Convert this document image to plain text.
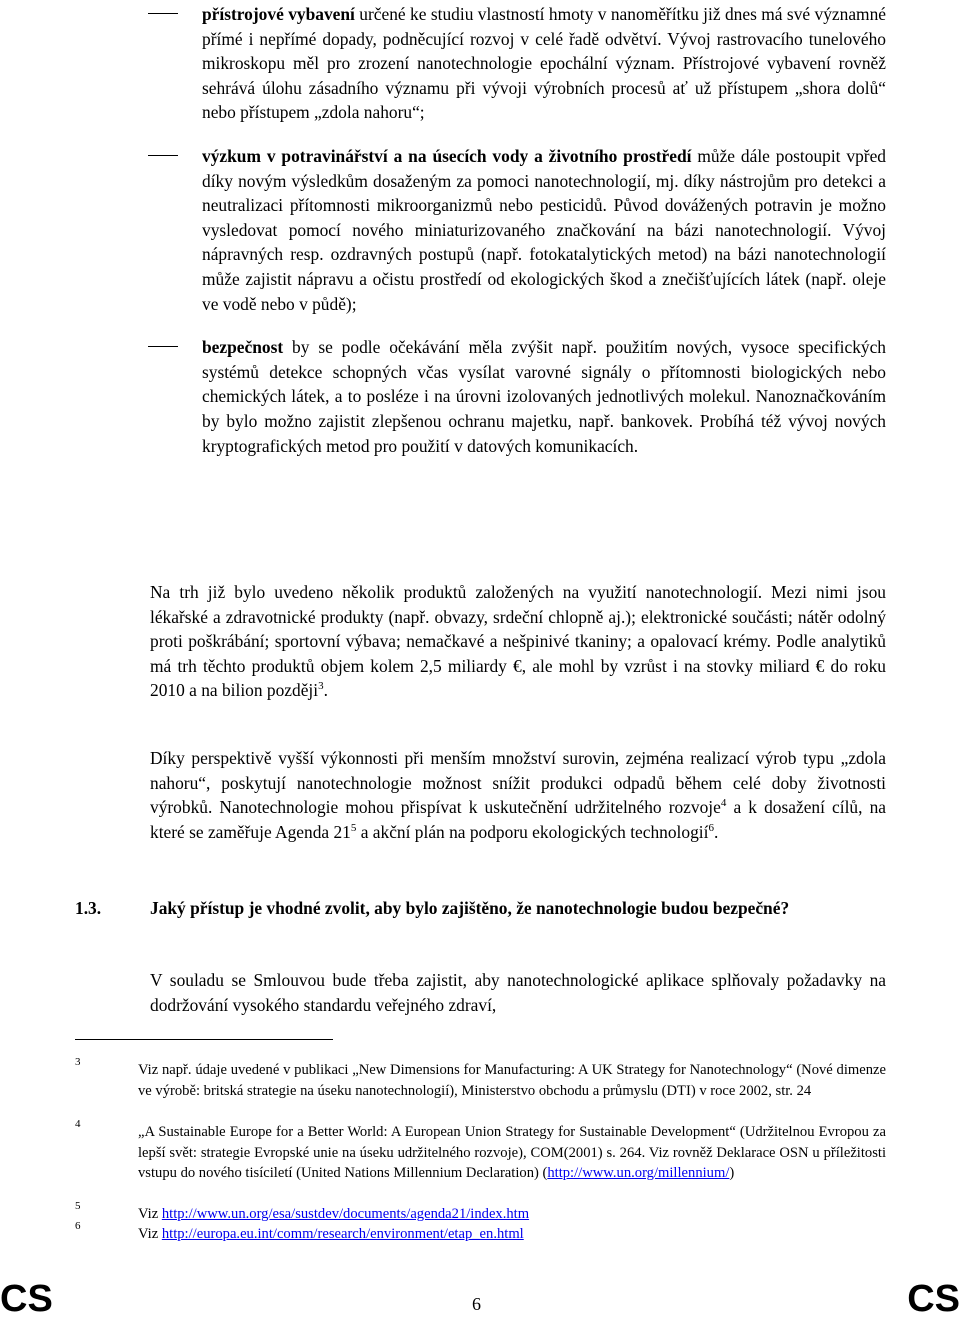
přístrojové vybavení určené ke studiu vlastností hmoty v nanoměřítku již dnes má své významné přímé i nepřímé dopady, podněcující rozvoj v celé řadě odvětví. Vývoj rastrovacího tunelového mikroskopu měl pro zrození nanotechnologie epochální význam. Přístrojové vybavení rovněž sehrává úlohu zásadního významu při vývoji výrobních procesů ať už přístupem „shora dolů“ nebo přístupem „zdola nahoru“;

výzkum v potravinářství a na úsecích vody a životního prostředí může dále postoupit vpřed díky novým výsledkům dosaženým za pomoci nanotechnologií, mj. díky nástrojům pro detekci a neutralizaci přítomnosti mikroorganizmů nebo pesticidů. Původ dovážených potravin je možno vysledovat pomocí nového miniaturizovaného značkování na bázi nanotechnologií. Vývoj nápravných resp. ozdravných postupů (např. fotokatalytických metod) na bázi nanotechnologií může zajistit nápravu a očistu prostředí od ekologických škod a znečišťujících látek (např. oleje ve vodě nebo v půdě);

bezpečnost by se podle očekávání měla zvýšit např. použitím nových, vysoce specifických systémů detekce schopných včas vysílat varovné signály o přítomnosti biologických nebo chemických látek, a to posléze i na úrovni izolovaných jednotlivých molekul. Nanoznačkováním by bylo možno zajistit zlepšenou ochranu majetku, např. bankovek. Probíhá též vývoj nových kryptografických metod pro použití v datových komunikacích.

Na trh již bylo uvedeno několik produktů založených na využití nanotechnologií. Mezi nimi jsou lékařské a zdravotnické produkty (např. obvazy, srdeční chlopně aj.); elektronické součásti; nátěr odolný proti poškrábání; sportovní výbava; nemačkavé a nešpinivé tkaniny; a opalovací krémy. Podle analytiků má trh těchto produktů objem kolem 2,5 miliardy €, ale mohl by vzrůst i na stovky miliard € do roku 2010 a na bilion později$^3$.

Díky perspektivě vyšší výkonnosti při menším množství surovin, zejména realizací výrob typu „zdola nahoru“, poskytují nanotechnologie možnost snížit produkci odpadů během celé doby životnosti výrobků. Nanotechnologie mohou přispívat k uskutečnění udržitelného rozvoje$^4$ a k dosažení cílů, na které se zaměřuje Agenda $21^5$ a akční plán na podporu ekologických technologií$^6$.

1.3.	Jaký přístup je vhodné zvolit, aby bylo zajištěno, že nanotechnologie budou bezpečné?

V souladu se Smlouvou bude třeba zajistit, aby nanotechnologické aplikace splňovaly požadavky na dodržování vysokého standardu veřejného zdraví,

3	Viz např. údaje uvedené v publikaci „New Dimensions for Manufacturing: A UK Strategy for Nanotechnology“ (Nové dimenze ve výrobě: britská strategie na úseku nanotechnologií), Ministerstvo obchodu a průmyslu (DTI) v roce 2002, str. 24
4	„A Sustainable Europe for a Better World: A European Union Strategy for Sustainable Development“ (Udržitelnou Evropou za lepší svět: strategie Evropské unie na úseku udržitelného rozvoje), COM(2001) s. 264. Viz rovněž Deklarace OSN u příležitosti vstupu do nového tisíciletí (United Nations Millennium Declaration) (http://www.un.org/millennium/)
5	Viz http://www.un.org/esa/sustdev/documents/agenda21/index.htm
6	Viz http://europa.eu.int/comm/research/environment/etap_en.html
CS	6	CS
